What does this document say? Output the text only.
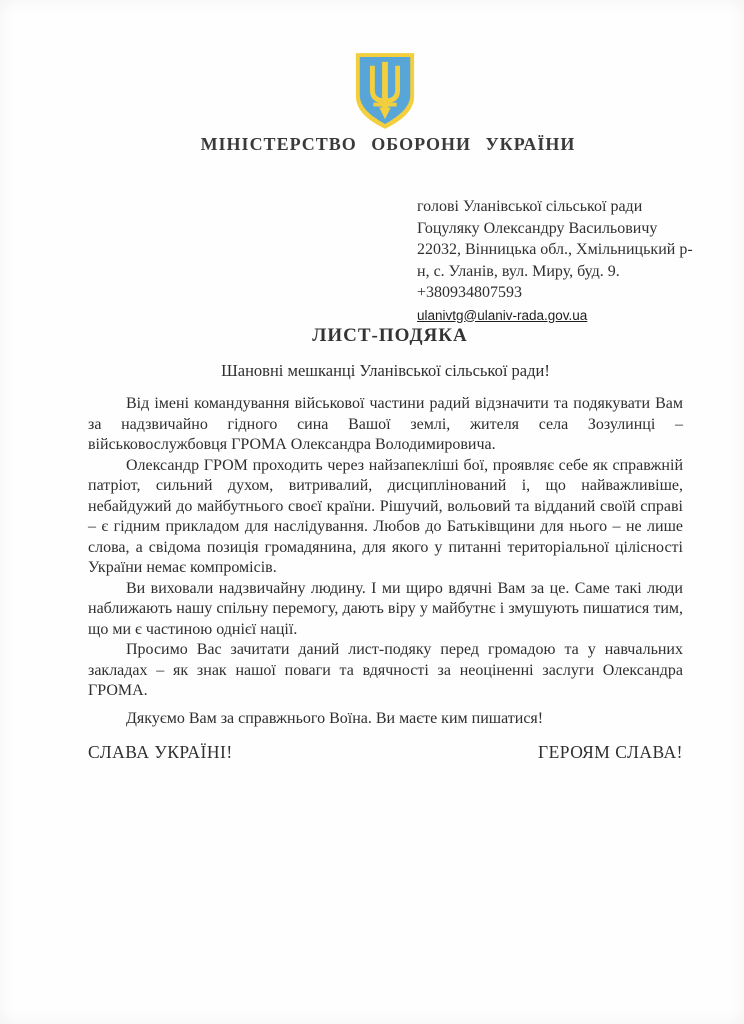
МІНІСТЕРСТВО ОБОРОНИ УКРАЇНИ
голові Уланівської сільської ради
Гоцуляку Олександру Васильовичу
22032, Вінницька обл., Хмільницький р-
н, с. Уланів, вул. Миру, буд. 9.
+380934807593
ulanivtg@ulaniv-rada.gov.ua
ЛИСТ-ПОДЯКА
Шановні мешканці Уланівської сільської ради!

Від імені командування військової частини радий відзначити та подякувати Вам за надзвичайно гідного сина Вашої землі, жителя села Зозулинці – військовослужбовця ГРОМА Олександра Володимировича.

Олександр ГРОМ проходить через найзапекліші бої, проявляє себе як справжній патріот, сильний духом, витривалий, дисциплінований і, що найважливіше, небайдужий до майбутнього своєї країни. Рішучий, вольовий та відданий своїй справі – є гідним прикладом для наслідування. Любов до Батьківщини для нього – не лише слова, а свідома позиція громадянина, для якого у питанні територіальної цілісності України немає компромісів.

Ви виховали надзвичайну людину. І ми щиро вдячні Вам за це. Саме такі люди наближають нашу спільну перемогу, дають віру у майбутнє і змушують пишатися тим, що ми є частиною однієї нації.

Просимо Вас зачитати даний лист-подяку перед громадою та у навчальних закладах – як знак нашої поваги та вдячності за неоціненні заслуги Олександра ГРОМА.

Дякуємо Вам за справжнього Воїна. Ви маєте ким пишатися!

СЛАВА УКРАЇНІ!	ГЕРОЯМ СЛАВА!
